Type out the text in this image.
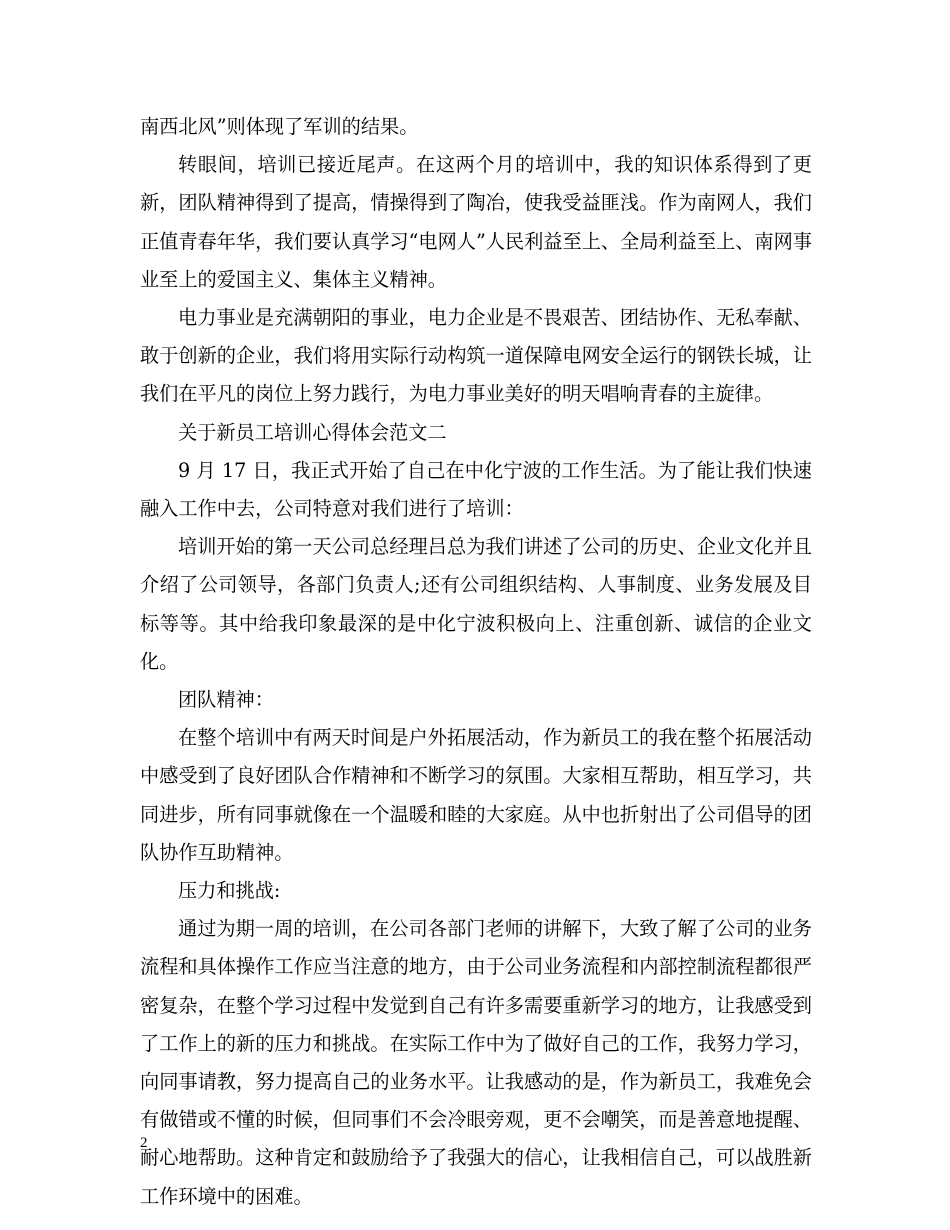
南西北风”则体现了军训的结果。

转眼间，培训已接近尾声。在这两个月的培训中，我的知识体系得到了更新，团队精神得到了提高，情操得到了陶冶，使我受益匪浅。作为南网人，我们正值青春年华，我们要认真学习“电网人”人民利益至上、全局利益至上、南网事业至上的爱国主义、集体主义精神。

电力事业是充满朝阳的事业，电力企业是不畏艰苦、团结协作、无私奉献、敢于创新的企业，我们将用实际行动构筑一道保障电网安全运行的钢铁长城，让我们在平凡的岗位上努力践行，为电力事业美好的明天唱响青春的主旋律。

关于新员工培训心得体会范文二

9 月 17 日，我正式开始了自己在中化宁波的工作生活。为了能让我们快速融入工作中去，公司特意对我们进行了培训：

培训开始的第一天公司总经理吕总为我们讲述了公司的历史、企业文化并且介绍了公司领导，各部门负责人;还有公司组织结构、人事制度、业务发展及目标等等。其中给我印象最深的是中化宁波积极向上、注重创新、诚信的企业文化。

团队精神：

在整个培训中有两天时间是户外拓展活动，作为新员工的我在整个拓展活动中感受到了良好团队合作精神和不断学习的氛围。大家相互帮助，相互学习，共同进步，所有同事就像在一个温暖和睦的大家庭。从中也折射出了公司倡导的团队协作互助精神。

压力和挑战:

通过为期一周的培训，在公司各部门老师的讲解下，大致了解了公司的业务流程和具体操作工作应当注意的地方，由于公司业务流程和内部控制流程都很严密复杂，在整个学习过程中发觉到自己有许多需要重新学习的地方，让我感受到了工作上的新的压力和挑战。在实际工作中为了做好自己的工作，我努力学习，向同事请教，努力提高自己的业务水平。让我感动的是，作为新员工，我难免会有做错或不懂的时候，但同事们不会冷眼旁观，更不会嘲笑，而是善意地提醒、耐心地帮助。这种肯定和鼓励给予了我强大的信心，让我相信自己，可以战胜新工作环境中的困难。

2
